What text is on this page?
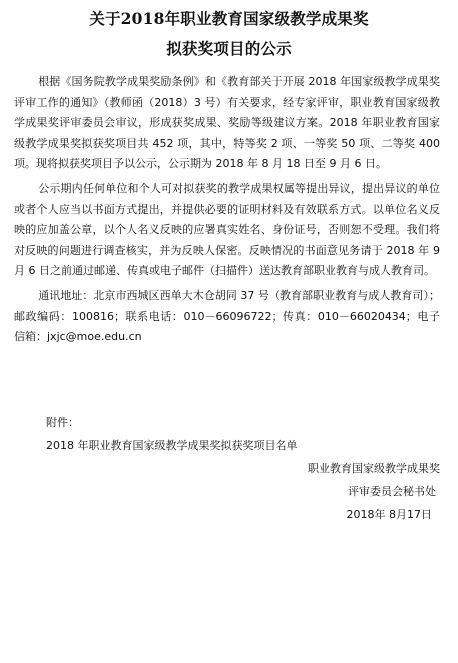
关于2018年职业教育国家级教学成果奖
拟获奖项目的公示

根据《国务院教学成果奖励条例》和《教育部关于开展 2018 年国家级教学成果奖评审工作的通知》（教师函（2018）3 号）有关要求，经专家评审，职业教育国家级教学成果奖评审委员会审议，形成获奖成果、奖励等级建议方案。2018 年职业教育国家级教学成果奖拟获奖项目共 452 项，其中，特等奖 2 项、一等奖 50 项、二等奖 400 项。现将拟获奖项目予以公示，公示期为 2018 年 8 月 18 日至 9 月 6 日。

公示期内任何单位和个人可对拟获奖的教学成果权属等提出异议，提出异议的单位或者个人应当以书面方式提出，并提供必要的证明材料及有效联系方式。以单位名义反映的应加盖公章，以个人名义反映的应署真实姓名、身份证号，否则恕不受理。我们将对反映的问题进行调查核实，并为反映人保密。反映情况的书面意见务请于 2018 年 9 月 6 日之前通过邮递、传真或电子邮件（扫描件）送达教育部职业教育与成人教育司。

通讯地址：北京市西城区西单大木仓胡同 37 号（教育部职业教育与成人教育司）；邮政编码：100816；联系电话：010－66096722；传真：010－66020434；电子信箱：jxjc@moe.edu.cn

附件：
2018 年职业教育国家级教学成果奖拟获奖项目名单
职业教育国家级教学成果奖
评审委员会秘书处
2018年 8月17日
